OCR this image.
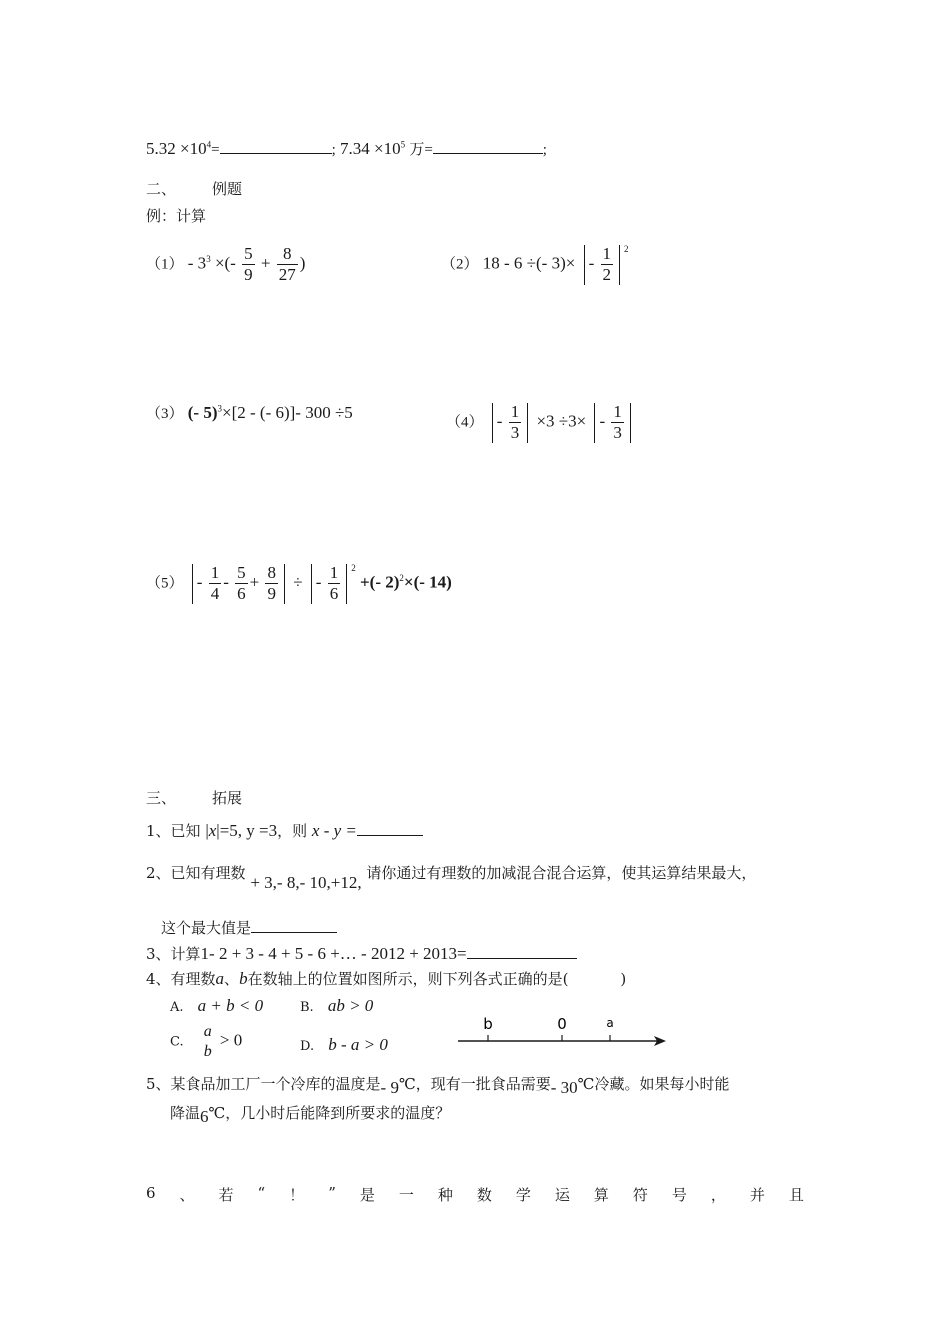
$5.32 \times 10^4=$	; $7.34 \times 10^5$ 万=	;
二、 例题
例：计算
$(1) - 3^3$ ×(- $\frac{5}{9} + \frac{8}{27}$ )	（2） 18 - 6 ÷(- $3)\times - \frac{1}{2} ^2$
（3） (- 5)$^3$×[2 - (- 6)]- 300 ÷5
$(4) - \frac{1}{3} \times 3 \div 3\times - \frac{1}{3}$
$(5) - \frac{1}{4} - \frac{5}{6} + \frac{8}{9}$ ÷ - $\frac{1}{6} ^2$ +(- 2)$^2$×(- 14)
三、 拓展
1、已知 |x|=5, y =3，则 x - y =
2、已知有理数 + 3,- 8,- 10,+12, 请你通过有理数的加减混合混合运算，使其运算结果最大，
这个最大值是
3、计算1- 2 + 3 - 4 + 5 - 6 +… - 2012 + 2013=
4、有理数a、b在数轴上的位置如图所示，则下列各式正确的是(	)
A. a + b < 0	B. ab > 0
C.
a
b
> 0	D. b - a > 0
b	0	a
5、某食品加工厂一个冷库的温度是- 9℃，现有一批食品需要- 30℃冷藏。如果每小时能
降温6℃，几小时后能降到所要求的温度？
6 、 若 “ ！ ” 是 一 种 数 学 运 算 符 号 ， 并 且
